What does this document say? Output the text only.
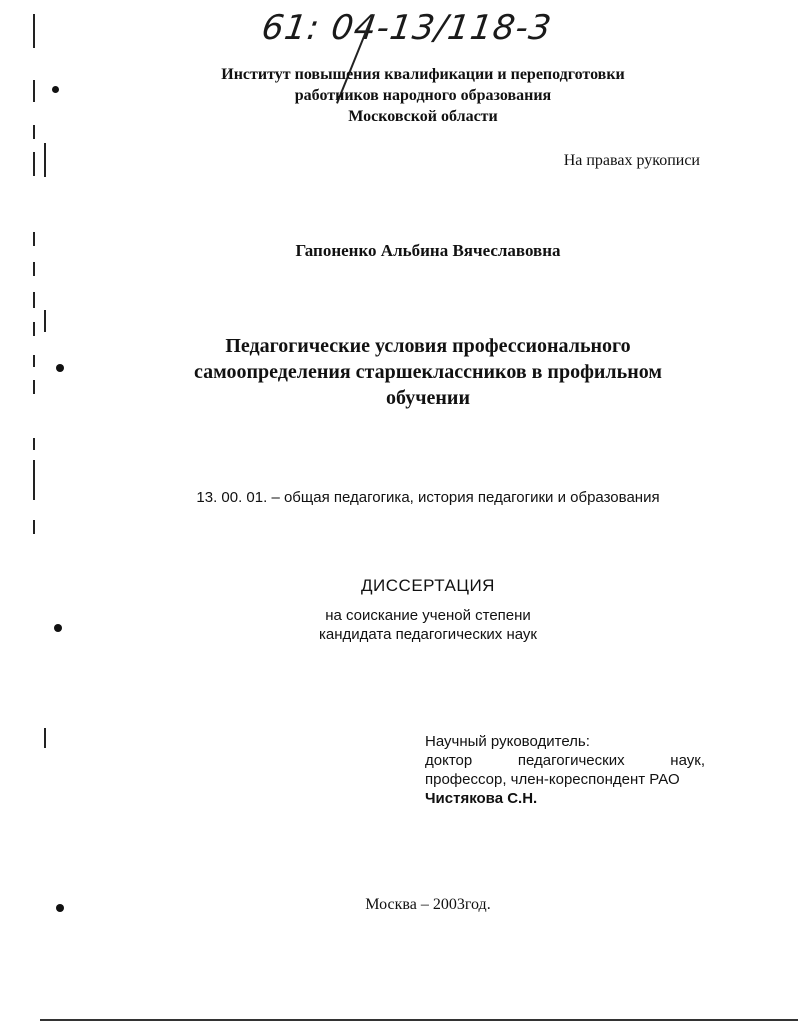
61: 04-13/118-3
Институт повышения квалификации и переподготовки
работников народного образования
Московской области
На правах рукописи
Гапоненко Альбина Вячеславовна
Педагогические условия профессионального
самоопределения старшеклассников в профильном
обучении
13. 00. 01. – общая педагогика, история педагогики и образования
ДИССЕРТАЦИЯ
на соискание ученой степени
кандидата педагогических наук
Научный руководитель:
доктор	педагогических	наук,
профессор, член-кореспондент РАО
Чистякова С.Н.
Москва – 2003год.
